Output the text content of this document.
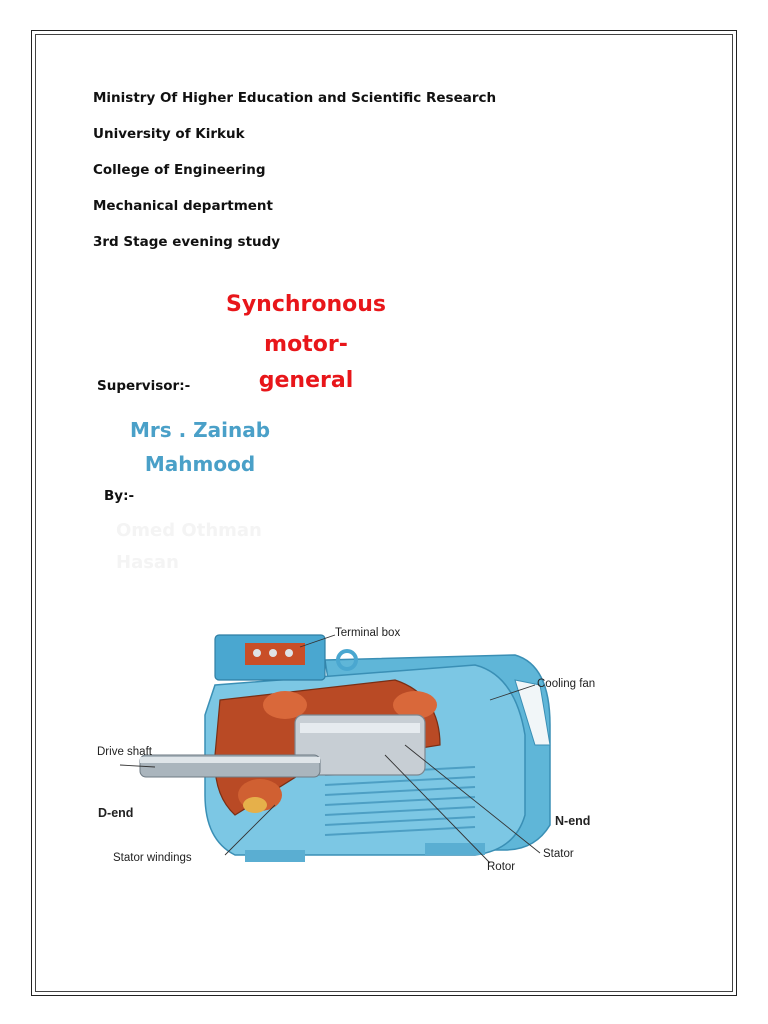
Ministry Of Higher Education and Scientific Research
University of Kirkuk
College of Engineering
Mechanical department
3rd Stage evening study
Synchronous
motor-
general
Supervisor:-
Mrs . Zainab
Mahmood
By:-
Omed Othman
Hasan
Terminal box
Cooling fan
Drive shaft
D-end
N-end
Stator windings	Stator
Rotor
